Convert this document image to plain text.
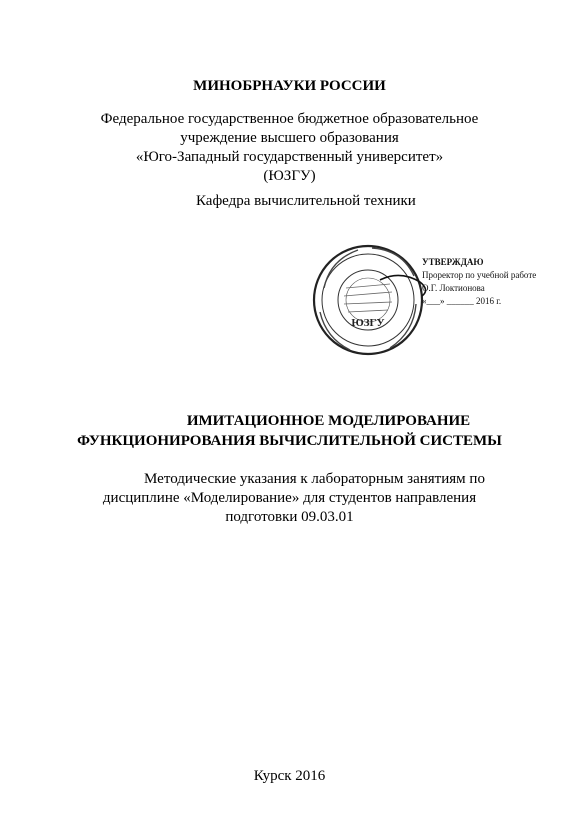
МИНОБРНАУКИ РОССИИ
Федеральное государственное бюджетное образовательное
учреждение высшего образования
«Юго-Западный государственный университет»
(ЮЗГУ)
Кафедра вычислительной техники
ЮЗГУ
УТВЕРЖДАЮ
Проректор по учебной работе
О.Г. Локтионова
«___» ______ 2016 г.
ИМИТАЦИОННОЕ МОДЕЛИРОВАНИЕ
ФУНКЦИОНИРОВАНИЯ ВЫЧИСЛИТЕЛЬНОЙ СИСТЕМЫ
Методические указания к лабораторным занятиям по
дисциплине «Моделирование» для студентов направления
подготовки 09.03.01
Курск 2016
